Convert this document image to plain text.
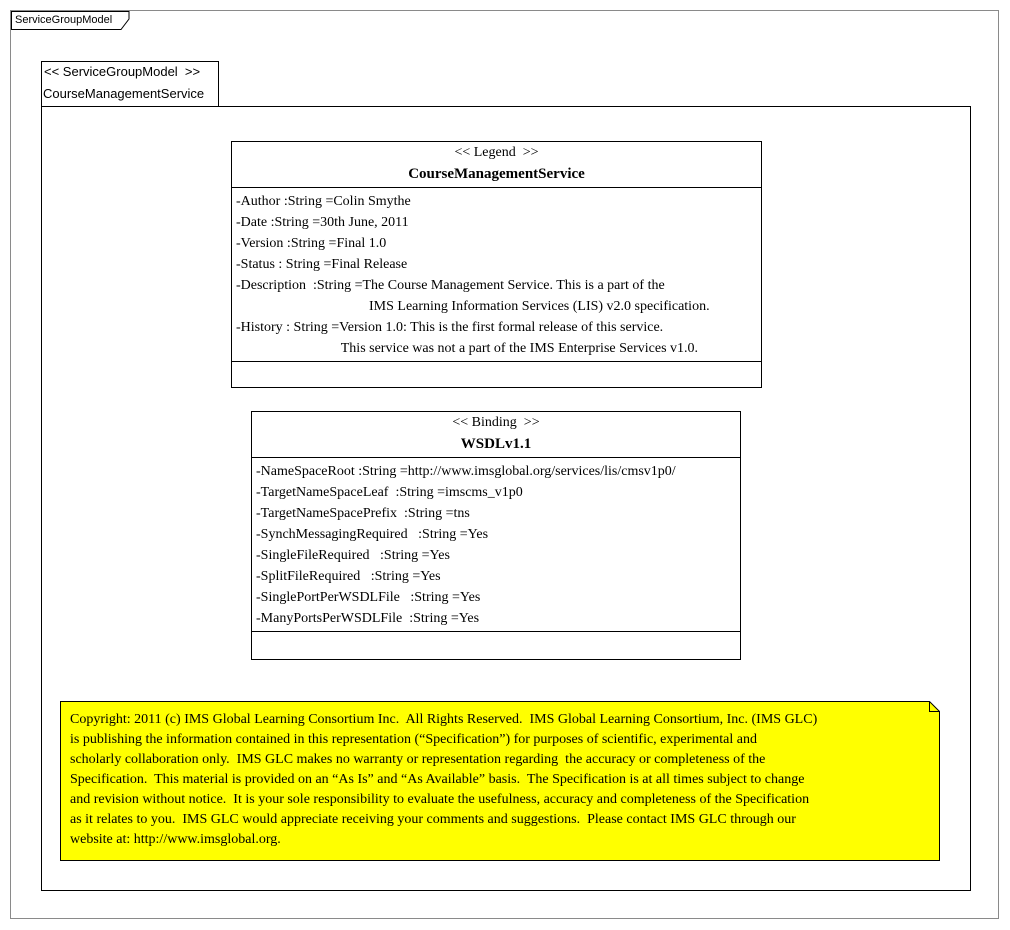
ServiceGroupModel
<< ServiceGroupModel  >>
CourseManagementService
<< Legend  >>
CourseManagementService
-Author :String =Colin Smythe
-Date :String =30th June, 2011
-Version :String =Final 1.0
-Status : String =Final Release
-Description  :String =The Course Management Service. This is a part of the
IMS Learning Information Services (LIS) v2.0 specification.
-History : String =Version 1.0: This is the first formal release of this service.
This service was not a part of the IMS Enterprise Services v1.0.
<< Binding  >>
WSDLv1.1
-NameSpaceRoot :String =http://www.imsglobal.org/services/lis/cmsv1p0/
-TargetNameSpaceLeaf  :String =imscms_v1p0
-TargetNameSpacePrefix  :String =tns
-SynchMessagingRequired   :String =Yes
-SingleFileRequired   :String =Yes
-SplitFileRequired   :String =Yes
-SinglePortPerWSDLFile   :String =Yes
-ManyPortsPerWSDLFile  :String =Yes
Copyright: 2011 (c) IMS Global Learning Consortium Inc.  All Rights Reserved.  IMS Global Learning Consortium, Inc. (IMS GLC)
is publishing the information contained in this representation (“Specification”) for purposes of scientific, experimental and
scholarly collaboration only.  IMS GLC makes no warranty or representation regarding  the accuracy or completeness of the
Specification.  This material is provided on an “As Is” and “As Available” basis.  The Specification is at all times subject to change
and revision without notice.  It is your sole responsibility to evaluate the usefulness, accuracy and completeness of the Specification
as it relates to you.  IMS GLC would appreciate receiving your comments and suggestions.  Please contact IMS GLC through our
website at: http://www.imsglobal.org.
